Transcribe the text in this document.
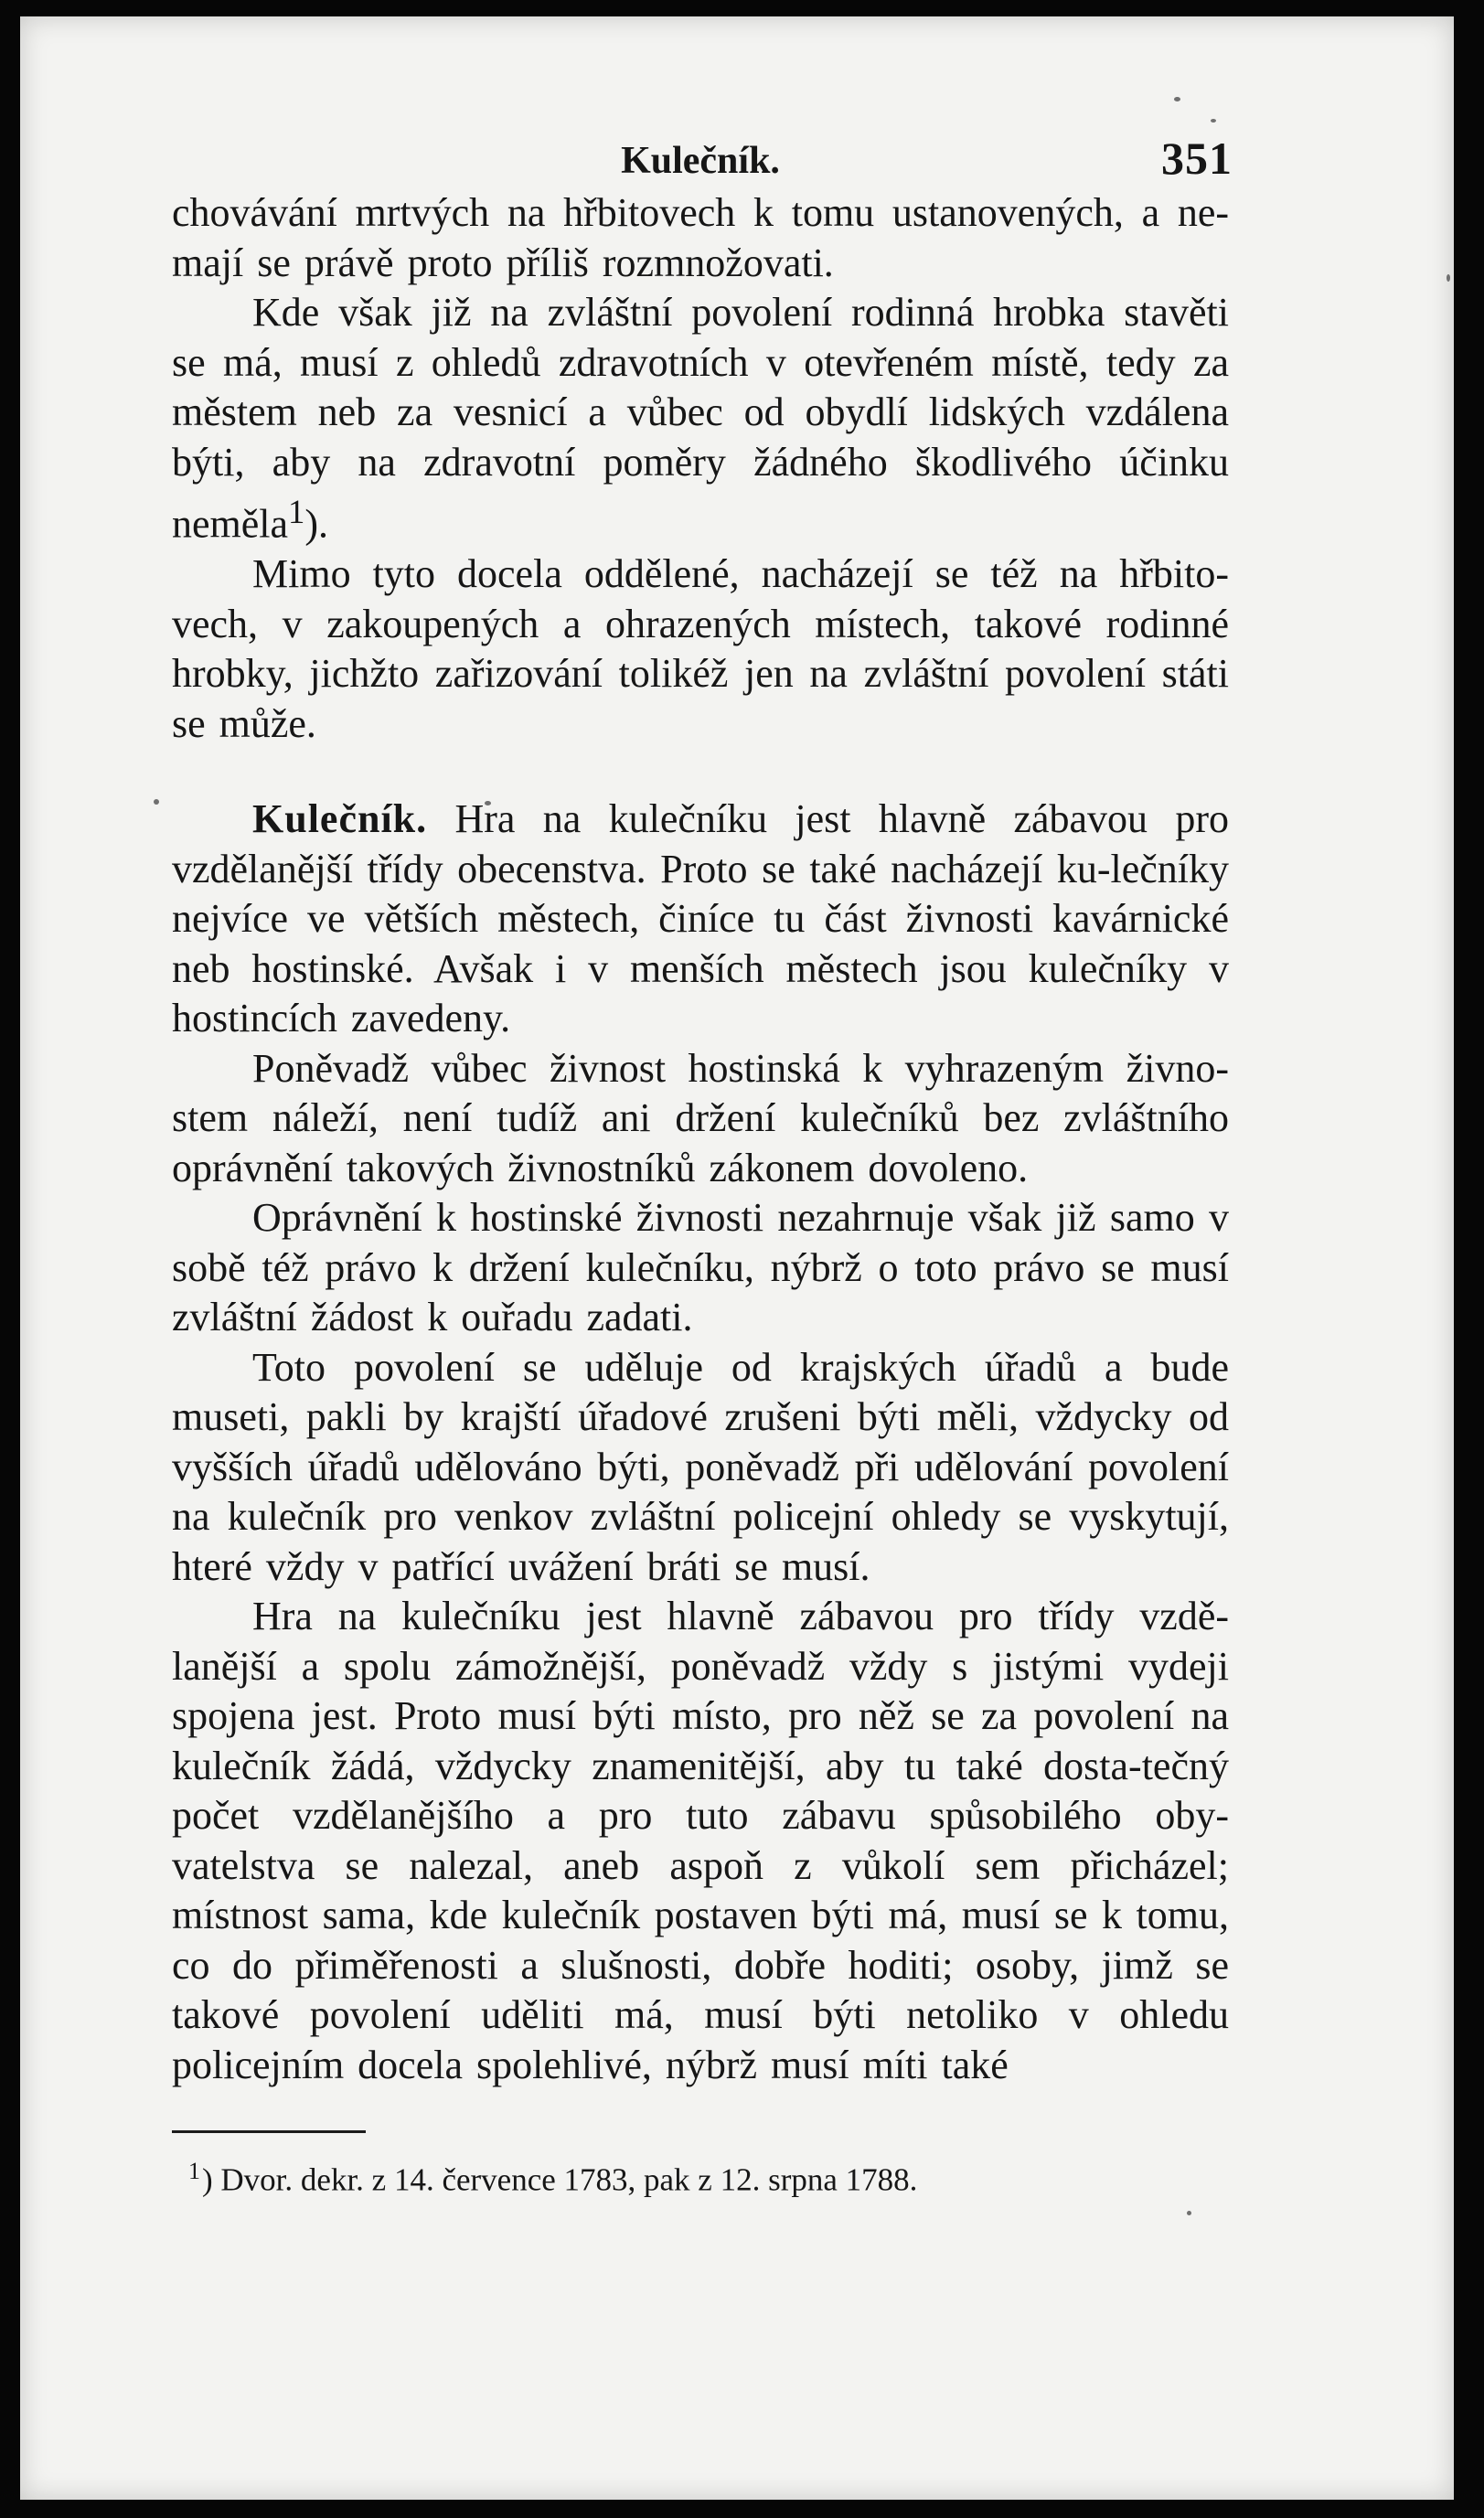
Kulečník.	351

chovávání mrtvých na hřbitovech k tomu ustanovených, a ne-mají se právě proto příliš rozmnožovati.

Kde však již na zvláštní povolení rodinná hrobka stavěti se má, musí z ohledů zdravotních v otevřeném místě, tedy za městem neb za vesnicí a vůbec od obydlí lidských vzdálena býti, aby na zdravotní poměry žádného škodlivého účinku neměla$^1$).

Mimo tyto docela oddělené, nacházejí se též na hřbito-vech, v zakoupených a ohrazených místech, takové rodinné hrobky, jichžto zařizování tolikéž jen na zvláštní povolení státi se může.

Kulečník. Hra na kulečníku jest hlavně zábavou pro vzdělanější třídy obecenstva. Proto se také nacházejí ku-lečníky nejvíce ve větších městech, činíce tu část živnosti kavárnické neb hostinské. Avšak i v menších městech jsou kulečníky v hostincích zavedeny.

Poněvadž vůbec živnost hostinská k vyhrazeným živno-stem náleží, není tudíž ani držení kulečníků bez zvláštního oprávnění takových živnostníků zákonem dovoleno.

Oprávnění k hostinské živnosti nezahrnuje však již samo v sobě též právo k držení kulečníku, nýbrž o toto právo se musí zvláštní žádost k ouřadu zadati.

Toto povolení se uděluje od krajských úřadů a bude museti, pakli by krajští úřadové zrušeni býti měli, vždycky od vyšších úřadů udělováno býti, poněvadž při udělování povolení na kulečník pro venkov zvláštní policejní ohledy se vyskytují, hteré vždy v patřící uvážení bráti se musí.

Hra na kulečníku jest hlavně zábavou pro třídy vzdě-lanější a spolu zámožnější, poněvadž vždy s jistými vydeji spojena jest. Proto musí býti místo, pro něž se za povolení na kulečník žádá, vždycky znamenitější, aby tu také dosta-tečný počet vzdělanějšího a pro tuto zábavu spůsobilého oby-vatelstva se nalezal, aneb aspoň z vůkolí sem přicházel; místnost sama, kde kulečník postaven býti má, musí se k tomu, co do přiměřenosti a slušnosti, dobře hoditi; osoby, jimž se takové povolení uděliti má, musí býti netoliko v ohledu policejním docela spolehlivé, nýbrž musí míti také

$^1$) Dvor. dekr. z 14. července 1783, pak z 12. srpna 1788.
